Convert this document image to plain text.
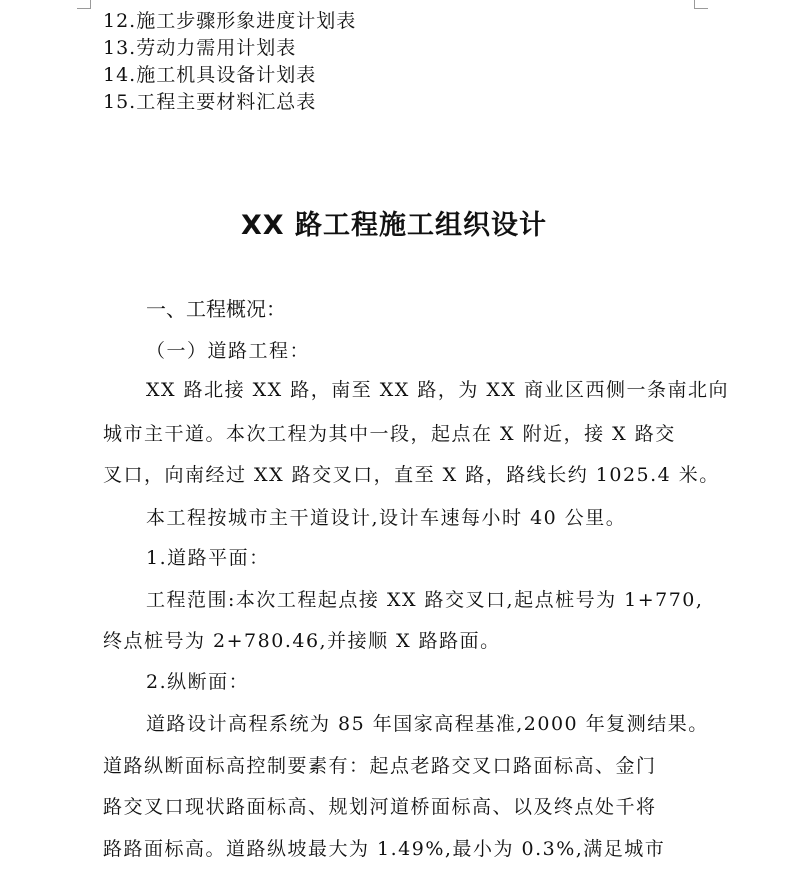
12.施工步骤形象进度计划表
13.劳动力需用计划表
14.施工机具设备计划表
15.工程主要材料汇总表
XX 路工程施工组织设计
一、工程概况：
（一）道路工程：
XX 路北接 XX 路，南至 XX 路，为 XX 商业区西侧一条南北向
城市主干道。本次工程为其中一段，起点在 X 附近，接 X 路交
叉口，向南经过 XX 路交叉口，直至 X 路，路线长约 1025.4 米。
本工程按城市主干道设计,设计车速每小时 40 公里。
1.道路平面：
工程范围:本次工程起点接 XX 路交叉口,起点桩号为 1+770,
终点桩号为 2+780.46,并接顺 X 路路面。
2.纵断面：
道路设计高程系统为 85 年国家高程基准,2000 年复测结果。
道路纵断面标高控制要素有：起点老路交叉口路面标高、金门
路交叉口现状路面标高、规划河道桥面标高、以及终点处千将
路路面标高。道路纵坡最大为 1.49%,最小为 0.3%,满足城市
